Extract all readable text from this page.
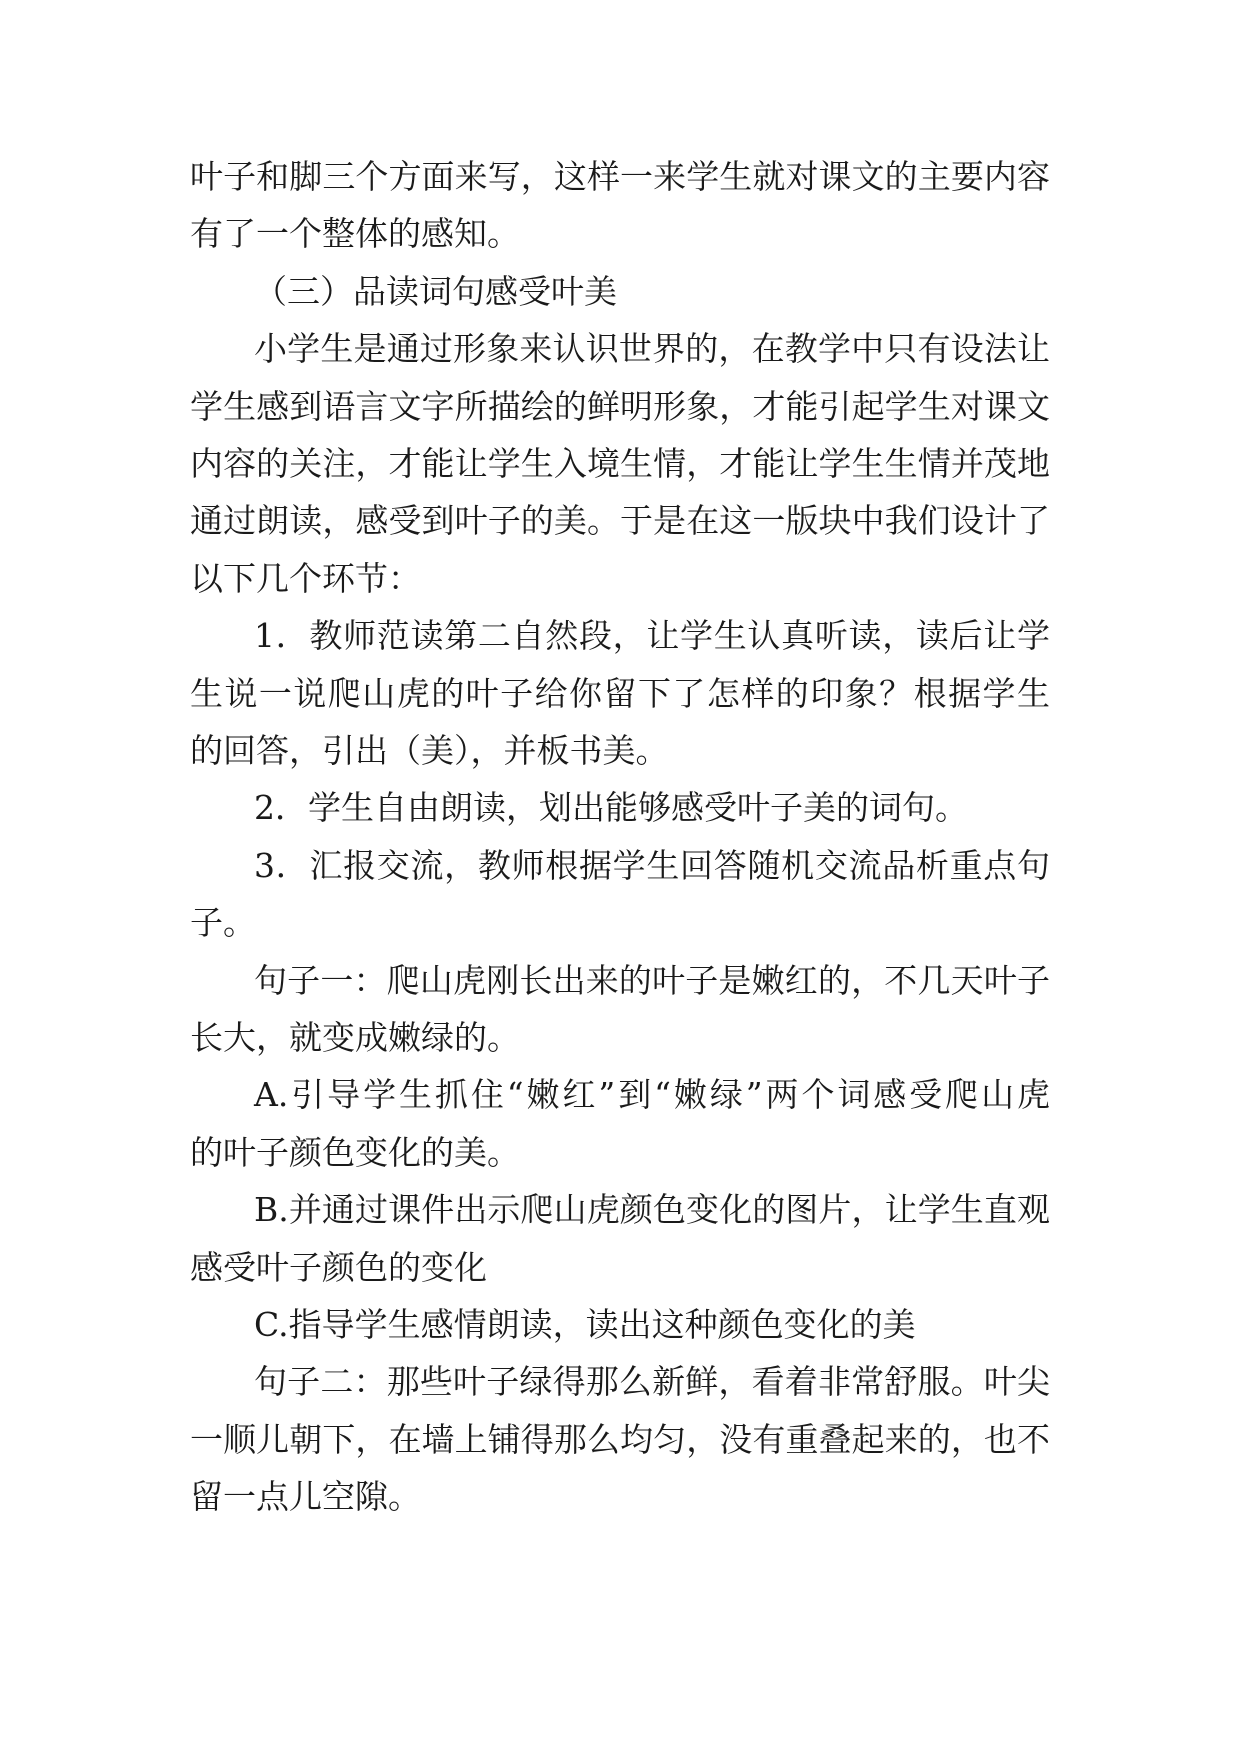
叶子和脚三个方面来写，这样一来学生就对课文的主要内容
有了一个整体的感知。
（三）品读词句感受叶美
小学生是通过形象来认识世界的，在教学中只有设法让
学生感到语言文字所描绘的鲜明形象，才能引起学生对课文
内容的关注，才能让学生入境生情，才能让学生生情并茂地
通过朗读，感受到叶子的美。于是在这一版块中我们设计了
以下几个环节：
1．教师范读第二自然段，让学生认真听读，读后让学
生说一说爬山虎的叶子给你留下了怎样的印象？根据学生
的回答，引出（美），并板书美。
2．学生自由朗读，划出能够感受叶子美的词句。
3．汇报交流，教师根据学生回答随机交流品析重点句
子。
句子一：爬山虎刚长出来的叶子是嫩红的，不几天叶子
长大，就变成嫩绿的。
A.引导学生抓住“嫩红”到“嫩绿”两个词感受爬山虎
的叶子颜色变化的美。
B.并通过课件出示爬山虎颜色变化的图片，让学生直观
感受叶子颜色的变化
C.指导学生感情朗读，读出这种颜色变化的美
句子二：那些叶子绿得那么新鲜，看着非常舒服。叶尖
一顺儿朝下，在墙上铺得那么均匀，没有重叠起来的，也不
留一点儿空隙。
